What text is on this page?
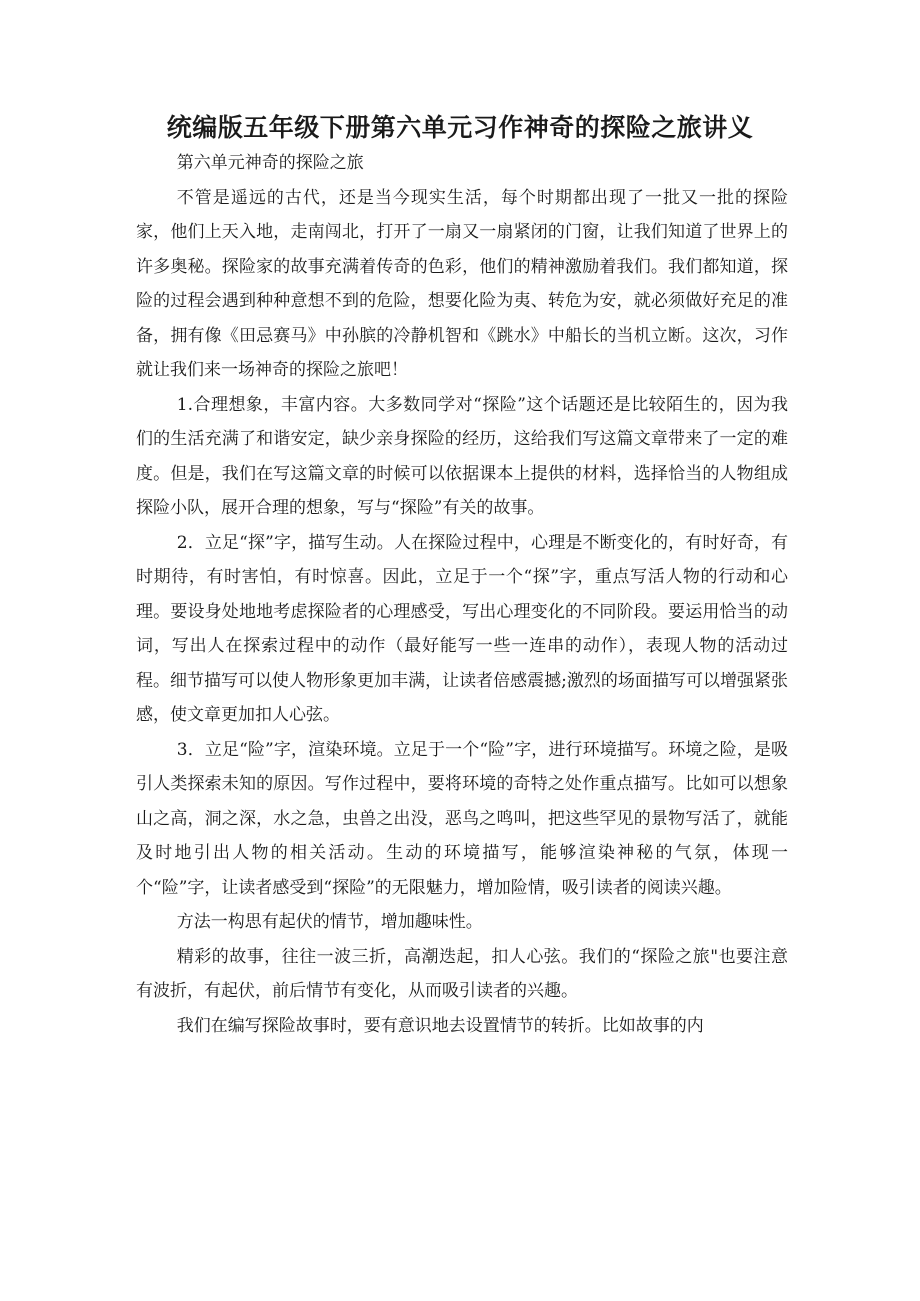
统编版五年级下册第六单元习作神奇的探险之旅讲义

第六单元神奇的探险之旅

不管是遥远的古代，还是当今现实生活，每个时期都出现了一批又一批的探险家，他们上天入地，走南闯北，打开了一扇又一扇紧闭的门窗，让我们知道了世界上的许多奥秘。探险家的故事充满着传奇的色彩，他们的精神激励着我们。我们都知道，探险的过程会遇到种种意想不到的危险，想要化险为夷、转危为安，就必须做好充足的准备，拥有像《田忌赛马》中孙膑的冷静机智和《跳水》中船长的当机立断。这次，习作就让我们来一场神奇的探险之旅吧！

1.合理想象，丰富内容。大多数同学对“探险”这个话题还是比较陌生的，因为我们的生活充满了和谐安定，缺少亲身探险的经历，这给我们写这篇文章带来了一定的难度。但是，我们在写这篇文章的时候可以依据课本上提供的材料，选择恰当的人物组成探险小队，展开合理的想象，写与“探险”有关的故事。

2．立足“探”字，描写生动。人在探险过程中，心理是不断变化的，有时好奇，有时期待，有时害怕，有时惊喜。因此，立足于一个“探”字，重点写活人物的行动和心理。要设身处地地考虑探险者的心理感受，写出心理变化的不同阶段。要运用恰当的动词，写出人在探索过程中的动作（最好能写一些一连串的动作），表现人物的活动过程。细节描写可以使人物形象更加丰满，让读者倍感震撼;激烈的场面描写可以增强紧张感，使文章更加扣人心弦。

3．立足“险”字，渲染环境。立足于一个“险”字，进行环境描写。环境之险，是吸引人类探索未知的原因。写作过程中，要将环境的奇特之处作重点描写。比如可以想象山之高，洞之深，水之急，虫兽之出没，恶鸟之鸣叫，把这些罕见的景物写活了，就能及时地引出人物的相关活动。生动的环境描写，能够渲染神秘的气氛，体现一个“险”字，让读者感受到“探险”的无限魅力，增加险情，吸引读者的阅读兴趣。

方法一构思有起伏的情节，增加趣味性。

精彩的故事，往往一波三折，高潮迭起，扣人心弦。我们的“探险之旅"也要注意有波折，有起伏，前后情节有变化，从而吸引读者的兴趣。

我们在编写探险故事时，要有意识地去设置情节的转折。比如故事的内
